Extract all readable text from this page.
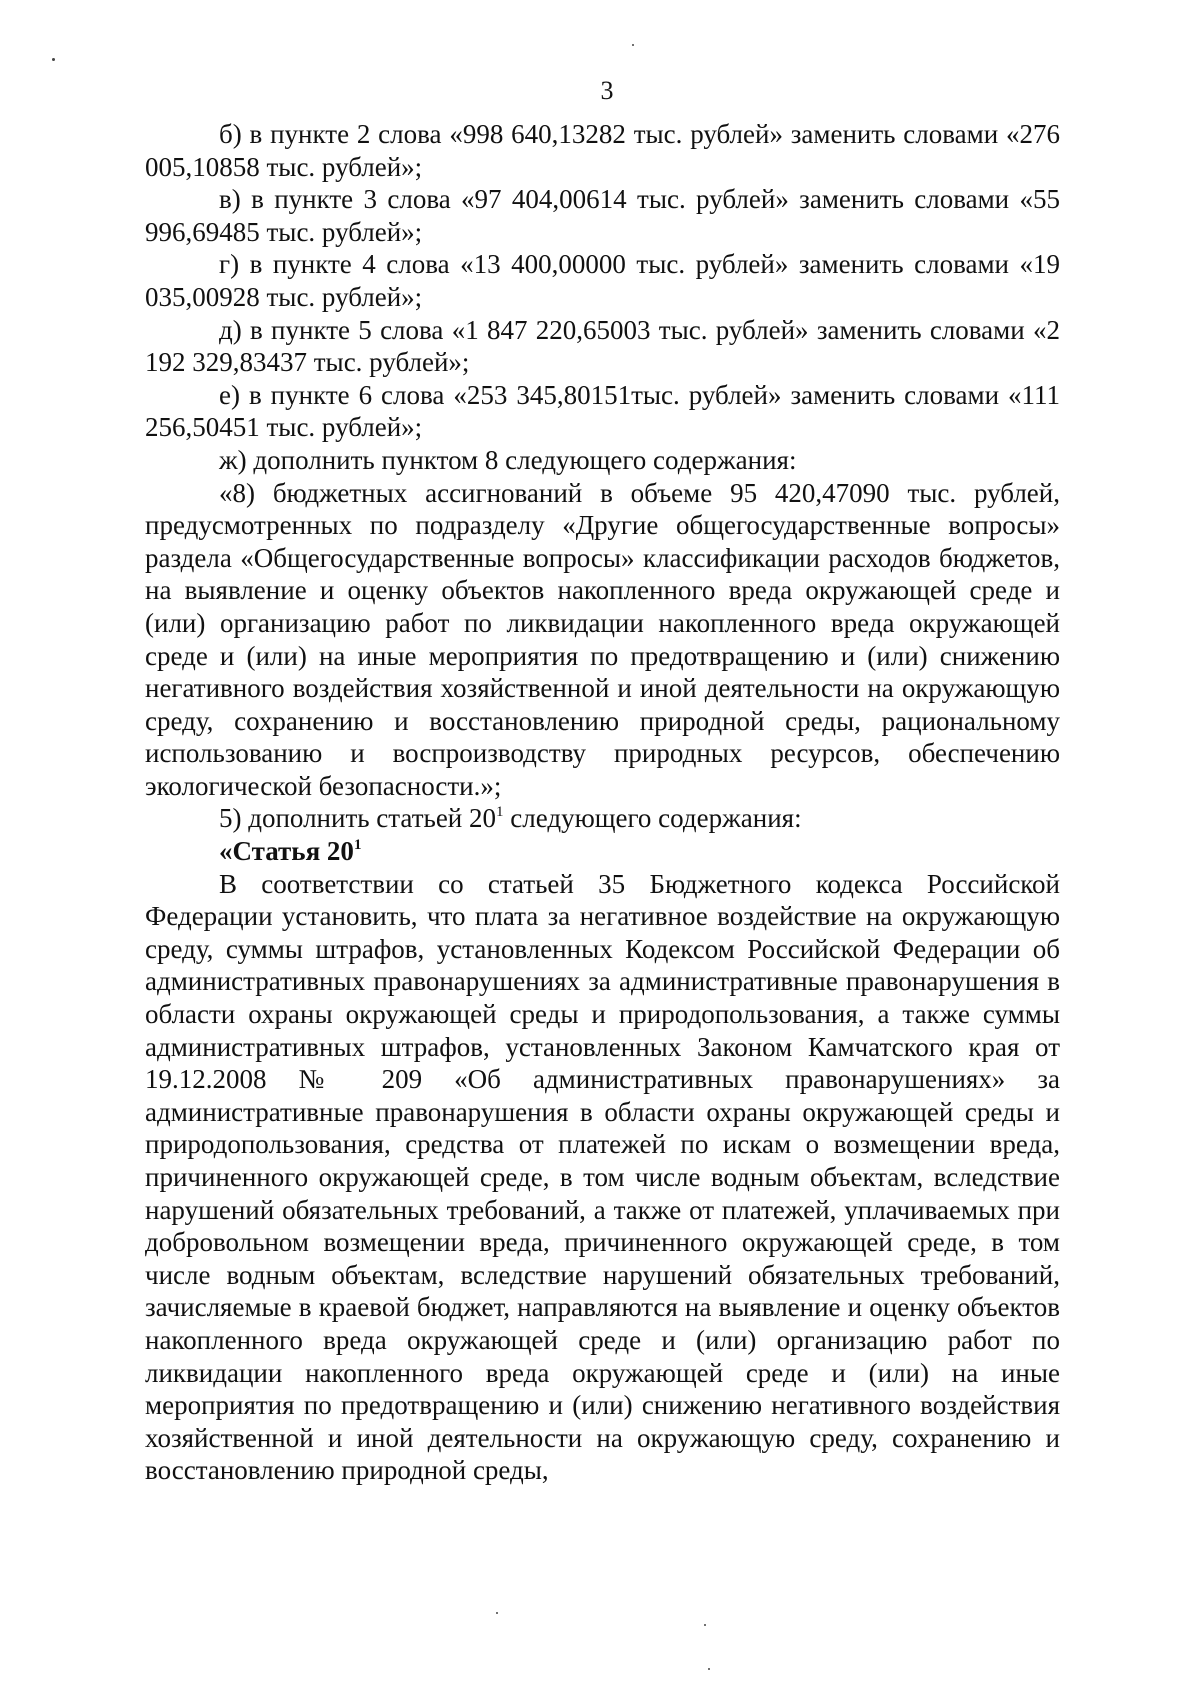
3

б) в пункте 2 слова «998 640,13282 тыс. рублей» заменить словами «276 005,10858 тыс. рублей»;

в) в пункте 3 слова «97 404,00614 тыс. рублей» заменить словами «55 996,69485 тыс. рублей»;

г) в пункте 4 слова «13 400,00000 тыс. рублей» заменить словами «19 035,00928 тыс. рублей»;

д) в пункте 5 слова «1 847 220,65003 тыс. рублей» заменить словами «2 192 329,83437 тыс. рублей»;

е) в пункте 6 слова «253 345,80151тыс. рублей» заменить словами «111 256,50451 тыс. рублей»;

ж) дополнить пунктом 8 следующего содержания:

«8) бюджетных ассигнований в объеме 95 420,47090 тыс. рублей, предусмотренных по подразделу «Другие общегосударственные вопросы» раздела «Общегосударственные вопросы» классификации расходов бюджетов, на выявление и оценку объектов накопленного вреда окружающей среде и (или) организацию работ по ликвидации накопленного вреда окружающей среде и (или) на иные мероприятия по предотвращению и (или) снижению негативного воздействия хозяйственной и иной деятельности на окружающую среду, сохранению и восстановлению природной среды, рациональному использованию и воспроизводству природных ресурсов, обеспечению экологической безопасности.»;

5) дополнить статьей $20^1$ следующего содержания:

«Статья $20^1$

В соответствии со статьей 35 Бюджетного кодекса Российской Федерации установить, что плата за негативное воздействие на окружающую среду, суммы штрафов, установленных Кодексом Российской Федерации об административных правонарушениях за административные правонарушения в области охраны окружающей среды и природопользования, а также суммы административных штрафов, установленных Законом Камчатского края от 19.12.2008 № 209 «Об административных правонарушениях» за административные правонарушения в области охраны окружающей среды и природопользования, средства от платежей по искам о возмещении вреда, причиненного окружающей среде, в том числе водным объектам, вследствие нарушений обязательных требований, а также от платежей, уплачиваемых при добровольном возмещении вреда, причиненного окружающей среде, в том числе водным объектам, вследствие нарушений обязательных требований, зачисляемые в краевой бюджет, направляются на выявление и оценку объектов накопленного вреда окружающей среде и (или) организацию работ по ликвидации накопленного вреда окружающей среде и (или) на иные мероприятия по предотвращению и (или) снижению негативного воздействия хозяйственной и иной деятельности на окружающую среду, сохранению и восстановлению природной среды,
